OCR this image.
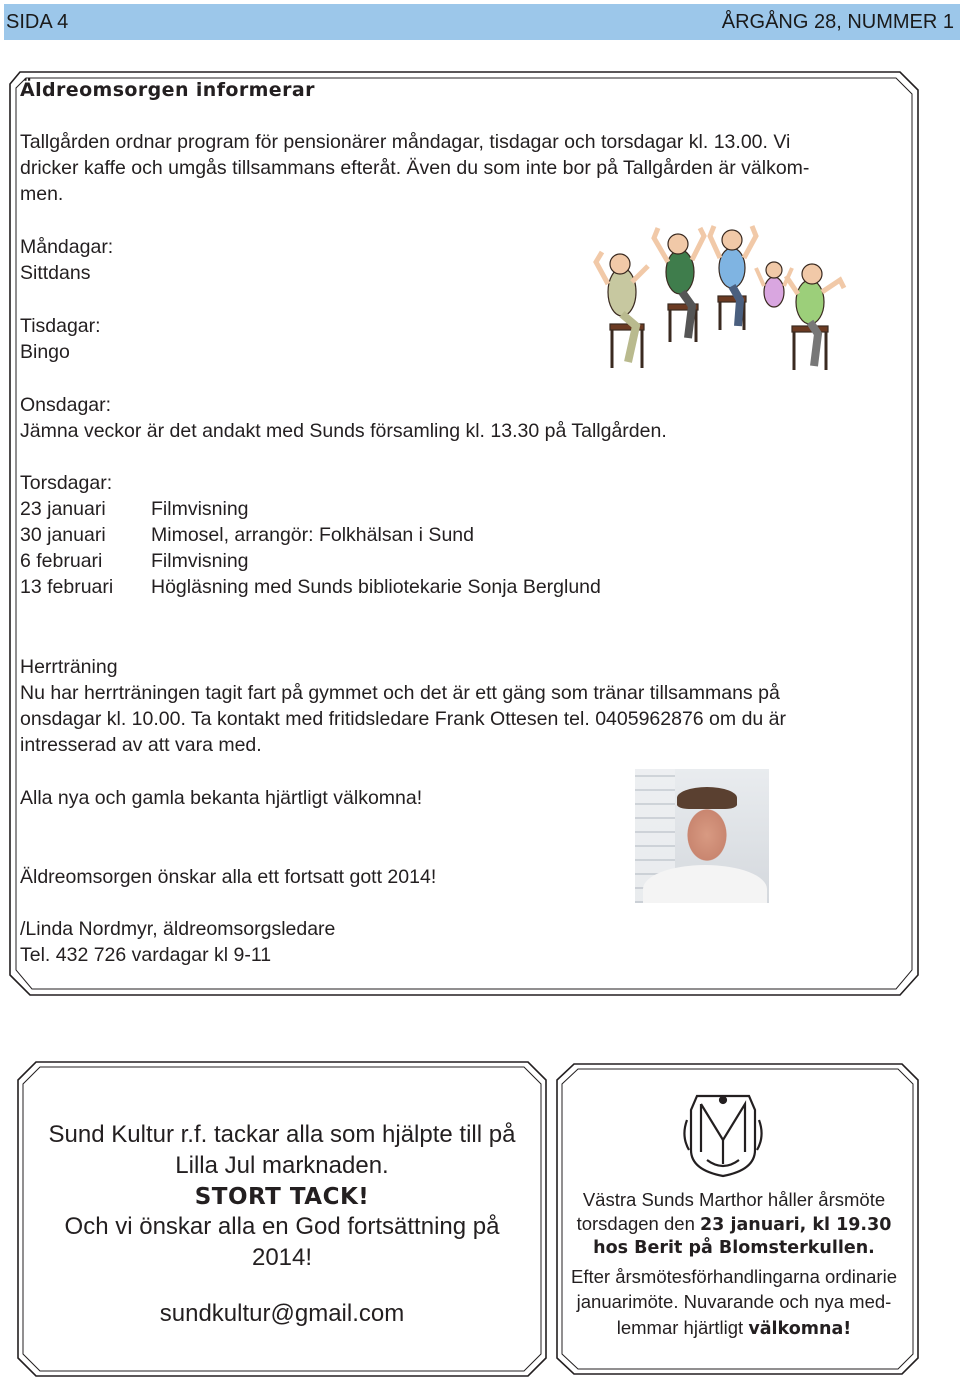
SIDA 4	ÅRGÅNG 28, NUMMER 1
Äldreomsorgen informerar
Tallgården ordnar program för pensionärer måndagar, tisdagar och torsdagar kl. 13.00. Vi
dricker kaffe och umgås tillsammans efteråt. Även du som inte bor på Tallgården är välkom-
men.
Måndagar:
Sittdans
Tisdagar:
Bingo
Onsdagar:
Jämna veckor är det andakt med Sunds församling kl. 13.30 på Tallgården.
Torsdagar:
23 januari Filmvisning
30 januari Mimosel, arrangör: Folkhälsan i Sund
6 februari Filmvisning
13 februari Högläsning med Sunds bibliotekarie Sonja Berglund
Herrträning
Nu har herrträningen tagit fart på gymmet och det är ett gäng som tränar tillsammans på
onsdagar kl. 10.00. Ta kontakt med fritidsledare Frank Ottesen tel. 0405962876 om du är
intresserad av att vara med.
Alla nya och gamla bekanta hjärtligt välkomna!
Äldreomsorgen önskar alla ett fortsatt gott 2014!
/Linda Nordmyr, äldreomsorgsledare
Tel. 432 726 vardagar kl 9-11
Sund Kultur r.f. tackar alla som hjälpte till på
Lilla Jul marknaden.
STORT TACK!
Och vi önskar alla en God fortsättning på
2014!
sundkultur@gmail.com
Västra Sunds Marthor håller årsmöte
torsdagen den 23 januari, kl 19.30
hos Berit på Blomsterkullen.
Efter årsmötesförhandlingarna ordinarie
januarimöte. Nuvarande och nya med-
lemmar hjärtligt välkomna!
